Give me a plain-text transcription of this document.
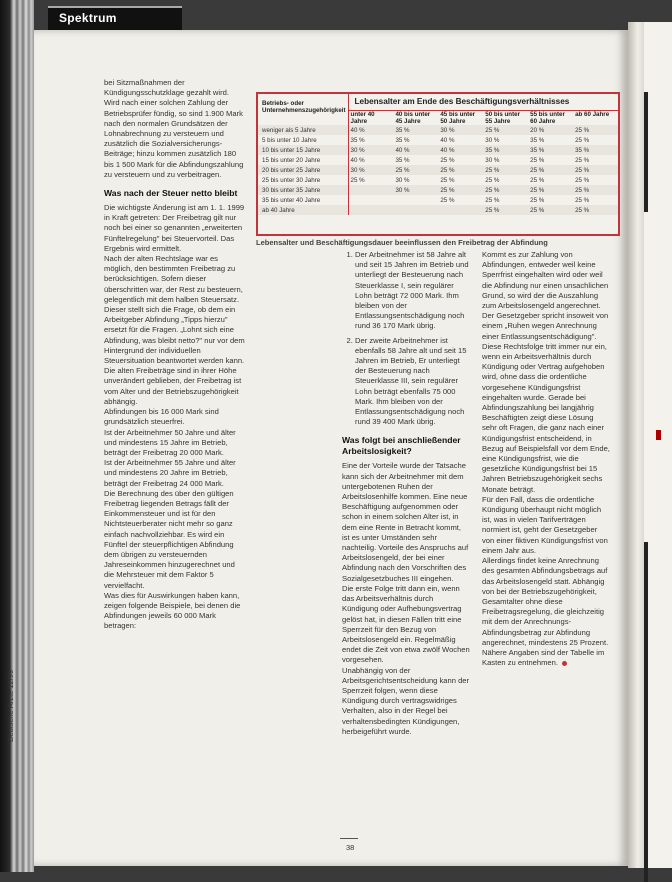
Spektrum

bei Sitzmaßnahmen der Kündigungsschutzklage gezahlt wird. Wird nach einer solchen Zahlung der Betriebsprüfer fündig, so sind 1.900 Mark nach den normalen Grundsätzen der Lohnabrechnung zu versteuern und zusätzlich die Sozialversicherungs-Beiträge; hinzu kommen zusätzlich 180 bis 1 500 Mark für die Abfindungszahlung zu versteuern und zu verbeitragen.

Was nach der Steuer netto bleibt

Die wichtigste Änderung ist am 1. 1. 1999 in Kraft getreten: Der Freibetrag gilt nur noch bei einer so genannten „erweiterten Fünftelregelung" bei Steuervorteil. Das Ergebnis wird ermittelt.

Nach der alten Rechtslage war es möglich, den bestimmten Freibetrag zu berücksichtigen. Sofern dieser überschritten war, der Rest zu besteuern, gelegentlich mit dem halben Steuersatz. Dieser stellt sich die Frage, ob dem ein Arbeitgeber Abfindung „Tipps hierzu" ersetzt für die Fragen. „Lohnt sich eine Abfindung, was bleibt netto?" nur vor dem Hintergrund der individuellen Steuersituation beantwortet werden kann.

Die alten Freibeträge sind in ihrer Höhe unverändert geblieben, der Freibetrag ist vom Alter und der Betriebszugehörigkeit abhängig.

Abfindungen bis 16 000 Mark sind grundsätzlich steuerfrei.

Ist der Arbeitnehmer 50 Jahre und älter und mindestens 15 Jahre im Betrieb, beträgt der Freibetrag 20 000 Mark.

Ist der Arbeitnehmer 55 Jahre und älter und mindestens 20 Jahre im Betrieb, beträgt der Freibetrag 24 000 Mark.

Die Berechnung des über den gültigen Freibetrag liegenden Betrags fällt der Einkommensteuer und ist für den Nichtsteuerberater nicht mehr so ganz einfach nachvollziehbar. Es wird ein Fünftel der steuerpflichtigen Abfindung dem übrigen zu versteuernden Jahreseinkommen hinzugerechnet und die Mehrsteuer mit dem Faktor 5 vervielfacht.

Was dies für Auswirkungen haben kann, zeigen folgende Beispiele, bei denen die Abfindungen jeweils 60 000 Mark betragen:

Betriebs- oder Unternehmenszugehörigkeit	Lebensalter am Ende des Beschäftigungsverhältnisses					
	unter 40 Jahre	40 bis unter 45 Jahre	45 bis unter 50 Jahre	50 bis unter 55 Jahre	55 bis unter 60 Jahre	ab 60 Jahre
weniger als 5 Jahre	40 %	35 %	30 %	25 %	20 %	25 %
5 bis unter 10 Jahre	35 %	35 %	40 %	30 %	35 %	25 %
10 bis unter 15 Jahre	30 %	40 %	40 %	35 %	35 %	35 %
15 bis unter 20 Jahre	40 %	35 %	25 %	30 %	25 %	25 %
20 bis unter 25 Jahre	30 %	25 %	25 %	25 %	25 %	25 %
25 bis unter 30 Jahre	25 %	30 %	25 %	25 %	25 %	25 %
30 bis unter 35 Jahre		30 %	25 %	25 %	25 %	25 %
35 bis unter 40 Jahre			25 %	25 %	25 %	25 %
ab 40 Jahre				25 %	25 %	25 %
Lebensalter und Beschäftigungsdauer beeinflussen den Freibetrag der Abfindung
1. Der Arbeitnehmer ist 58 Jahre alt und seit 15 Jahren im Betrieb und unterliegt der Besteuerung nach Steuerklasse I, sein regulärer Lohn beträgt 72 000 Mark. Ihm bleiben von der Entlassungsentschädigung noch rund 36 170 Mark übrig.
2. Der zweite Arbeitnehmer ist ebenfalls 58 Jahre alt und seit 15 Jahren im Betrieb, Er unterliegt der Besteuerung nach Steuerklasse III, sein regulärer Lohn beträgt ebenfalls 75 000 Mark. Ihm bleiben von der Entlassungsentschädigung noch rund 39 400 Mark übrig.
Was folgt bei anschließender Arbeitslosigkeit?

Eine der Vorteile wurde der Tatsache kann sich der Arbeitnehmer mit dem untergebotenen Ruhen der Arbeitslosenhilfe kommen. Eine neue Beschäftigung aufgenommen oder schon in einem solchen Alter ist, in dem eine Rente in Betracht kommt, ist es unter Umständen sehr nachteilig. Vorteile des Anspruchs auf Arbeitslosengeld, der bei einer Abfindung nach den Vorschriften des Sozialgesetzbuches III eingehen.

Die erste Folge tritt dann ein, wenn das Arbeitsverhältnis durch Kündigung oder Aufhebungsvertrag gelöst hat, in diesen Fällen tritt eine Sperrzeit für den Bezug von Arbeitslosengeld ein. Regelmäßig endet die Zeit von etwa zwölf Wochen vorgesehen.

Unabhängig von der Arbeitsgerichtsentscheidung kann der Sperrzeit folgen, wenn diese Kündigung durch vertragswidriges Verhalten, also in der Regel bei verhaltensbedingten Kündigungen, herbeigeführt wurde.

Kommt es zur Zahlung von Abfindungen, entweder weil keine Sperrfrist eingehalten wird oder weil die Abfindung nur einen unsachlichen Grund, so wird der die Auszahlung zum Arbeitslosengeld angerechnet. Der Gesetzgeber spricht insoweit von einem „Ruhen wegen Anrechnung einer Entlassungsentschädigung".

Diese Rechtsfolge tritt immer nur ein, wenn ein Arbeitsverhältnis durch Kündigung oder Vertrag aufgehoben wird, ohne dass die ordentliche vorgesehene Kündigungsfrist eingehalten wurde. Gerade bei Abfindungszahlung bei langjährig Beschäftigten zeigt diese Lösung sehr oft Fragen, die ganz nach einer Kündigungsfrist entscheidend, in Bezug auf Beispielsfall vor dem Ende, eine Kündigungsfrist, wie die gesetzliche Kündigungsfrist bei 15 Jahren Betriebszugehörigkeit sechs Monate beträgt.

Für den Fall, dass die ordentliche Kündigung überhaupt nicht möglich ist, was in vielen Tarifverträgen normiert ist, geht der Gesetzgeber von einer fiktiven Kündigungsfrist von einem Jahr aus.

Allerdings findet keine Anrechnung des gesamten Abfindungsbetrags auf das Arbeitslosengeld statt. Abhängig von bei der Betriebszugehörigkeit, Gesamtalter ohne diese Freibetragsregelung, die gleichzeitig mit dem der Anrechnungs-Abfindungsbetrag zur Abfindung angerechnet, mindestens 25 Prozent. Nähere Angaben sind der Tabelle im Kasten zu entnehmen.

Deutsche Ärzte 12/99
38
